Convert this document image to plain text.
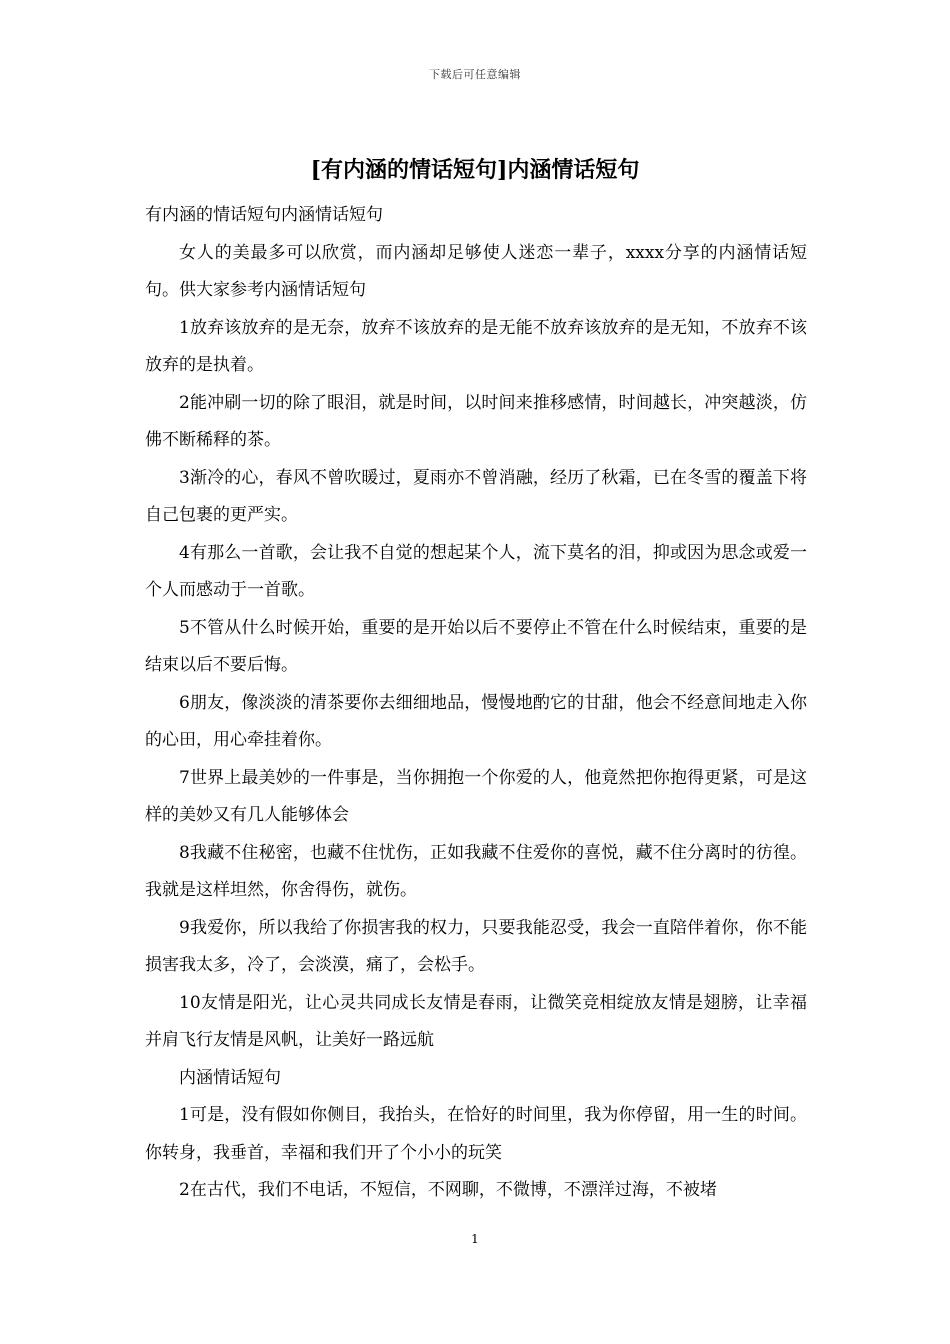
下载后可任意编辑
[有内涵的情话短句]内涵情话短句

有内涵的情话短句内涵情话短句

女人的美最多可以欣赏，而内涵却足够使人迷恋一辈子，xxxx分享的内涵情话短句。供大家参考内涵情话短句

1放弃该放弃的是无奈，放弃不该放弃的是无能不放弃该放弃的是无知，不放弃不该放弃的是执着。

2能冲刷一切的除了眼泪，就是时间，以时间来推移感情，时间越长，冲突越淡，仿佛不断稀释的茶。

3渐冷的心，春风不曾吹暖过，夏雨亦不曾消融，经历了秋霜，已在冬雪的覆盖下将自己包裹的更严实。

4有那么一首歌，会让我不自觉的想起某个人，流下莫名的泪，抑或因为思念或爱一个人而感动于一首歌。

5不管从什么时候开始，重要的是开始以后不要停止不管在什么时候结束，重要的是结束以后不要后悔。

6朋友，像淡淡的清茶要你去细细地品，慢慢地酌它的甘甜，他会不经意间地走入你的心田，用心牵挂着你。

7世界上最美妙的一件事是，当你拥抱一个你爱的人，他竟然把你抱得更紧，可是这样的美妙又有几人能够体会

8我藏不住秘密，也藏不住忧伤，正如我藏不住爱你的喜悦，藏不住分离时的彷徨。我就是这样坦然，你舍得伤，就伤。

9我爱你，所以我给了你损害我的权力，只要我能忍受，我会一直陪伴着你，你不能损害我太多，冷了，会淡漠，痛了，会松手。

10友情是阳光，让心灵共同成长友情是春雨，让微笑竞相绽放友情是翅膀，让幸福并肩飞行友情是风帆，让美好一路远航

内涵情话短句

1可是，没有假如你侧目，我抬头，在恰好的时间里，我为你停留，用一生的时间。你转身，我垂首，幸福和我们开了个小小的玩笑

2在古代，我们不电话，不短信，不网聊，不微博，不漂洋过海，不被堵

1
